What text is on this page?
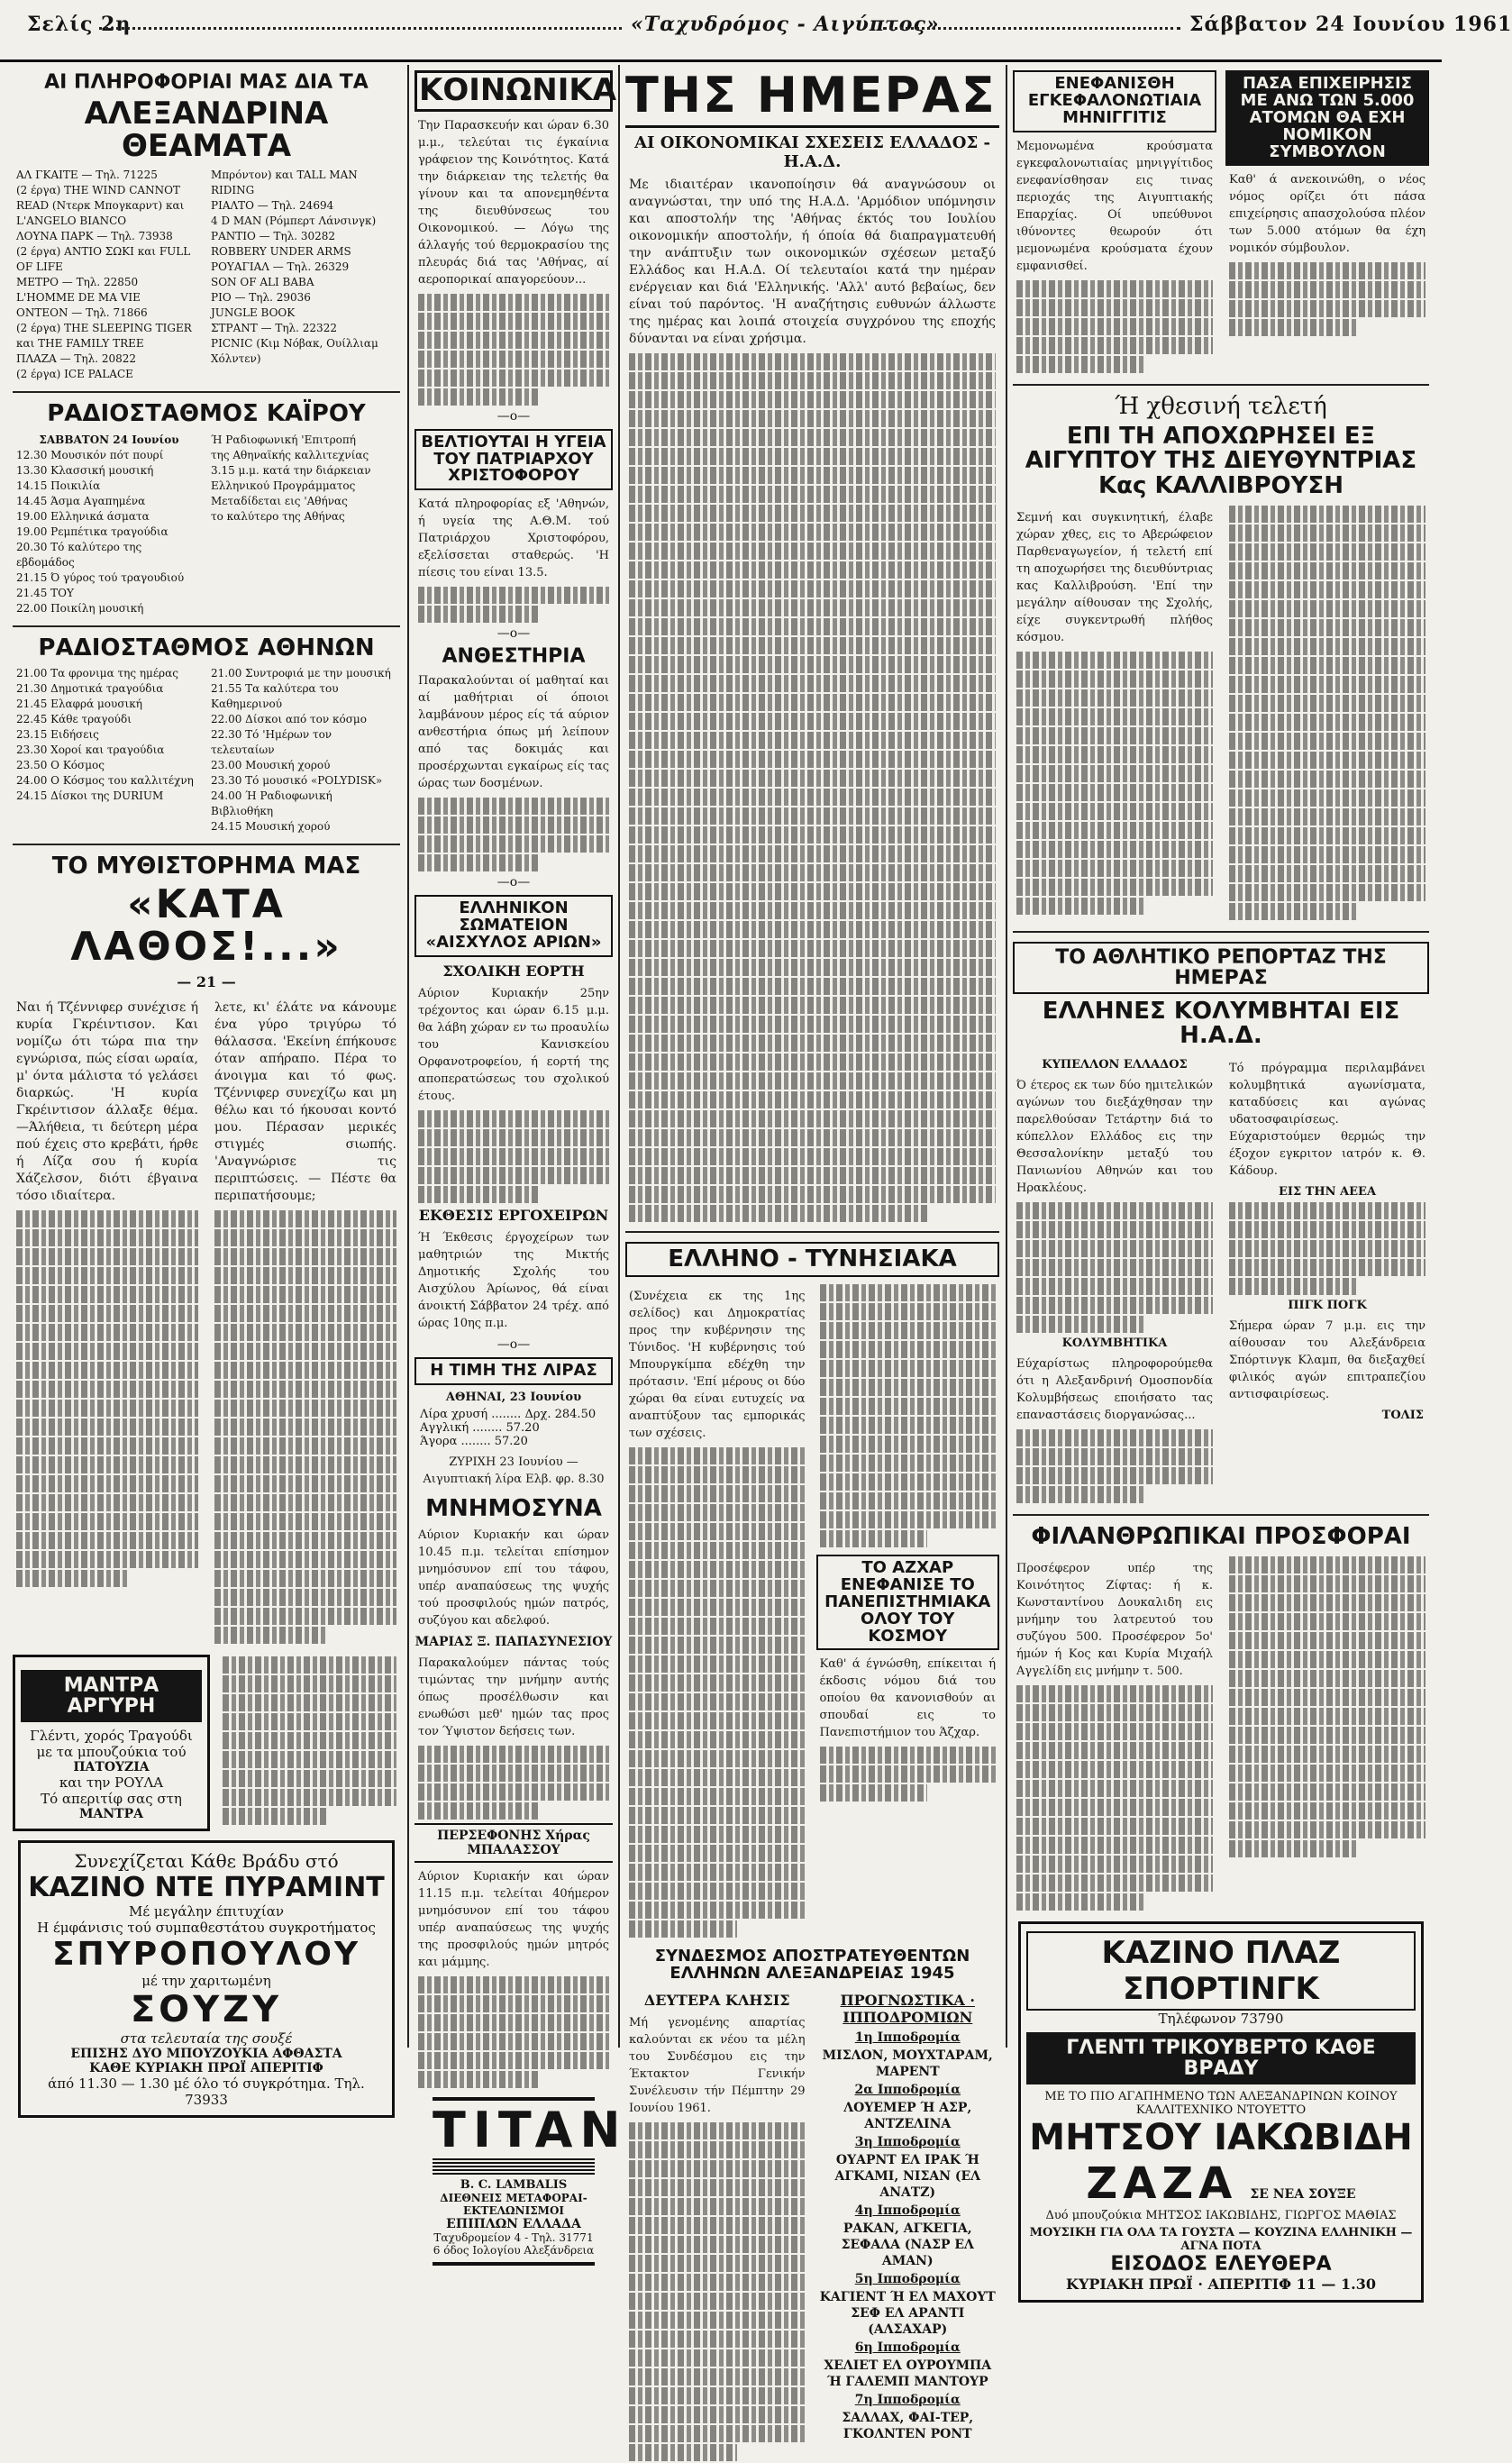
Σελίς 2η	«Ταχυδρόμος - Αιγύπτος»	Σάββατον 24 Ιουνίου 1961
ΑΙ ΠΛΗΡΟΦΟΡΙΑΙ ΜΑΣ ΔΙΑ ΤΑ
ΑΛΕΞΑΝΔΡΙΝΑ ΘΕΑΜΑΤΑ
ΑΛ ΓΚΑΙΤΕ — Τηλ. 71225
(2 έργα) THE WIND CANNOT READ (Ντερκ Μπογκαρντ) και L'ANGELO BIANCO
ΛΟΥΝΑ ΠΑΡΚ — Τηλ. 73938
(2 έργα) ANTIO ΣΩΚΙ και FULL OF LIFE
ΜΕΤΡΟ — Τηλ. 22850
L'HOMME DE MA VIE
ΟΝΤΕΟΝ — Τηλ. 71866
(2 έργα) THE SLEEPING TIGER και THE FAMILY TREE
ΠΛΑΖΑ — Τηλ. 20822
(2 έργα) ICE PALACE
Μπρόντον) και TALL MAN RIDING
ΡΙΑΛΤΟ — Τηλ. 24694
4 D MAN (Ρόμπερτ Λάνσινγκ)
ΡΑΝΤΙΟ — Τηλ. 30282
ROBBERY UNDER ARMS
ΡΟΥΑΓΙΑΛ — Τηλ. 26329
SON OF ALI BABA
ΡΙΟ — Τηλ. 29036
JUNGLE BOOK
ΣΤΡΑΝΤ — Τηλ. 22322
PICNIC (Κιμ Νόβακ, Ουίλλιαμ Χόλντεν)
ΡΑΔΙΟΣΤΑΘΜΟΣ ΚΑΪΡΟΥ
ΣΑΒΒΑΤΟΝ 24 Ιουνίου
12.30 Μουσικόν πότ πουρί
13.30 Κλασσική μουσική
14.15 Ποικιλία
14.45 Άσμα Αγαπημένα
19.00 Ελληνικά άσματα
19.00 Ρεμπέτικα τραγούδια
20.30 Τό καλύτερο της εβδομάδος
21.15 Ό γύρος τού τραγουδιού
21.45 ΤΟΥ
22.00 Ποικίλη μουσική
Ή Ραδιοφωνική 'Επιτροπή
της Αθηναϊκής καλλιτεχνίας
3.15 μ.μ. κατά την διάρκειαν
Ελληνικού Προγράμματος
Μεταδίδεται εις 'Αθήνας
το καλύτερο της Αθήνας
ΡΑΔΙΟΣΤΑΘΜΟΣ ΑΘΗΝΩΝ
21.00 Τα φρονιμα της ημέρας
21.30 Δημοτικά τραγούδια
21.45 Ελαφρά μουσική
22.45 Κάθε τραγούδι
23.15 Ειδήσεις
23.30 Χοροί και τραγούδια
23.50 Ο Κόσμος
24.00 Ο Κόσμος του καλλιτέχνη
24.15 Δίσκοι της DURIUM
21.00 Συντροφιά με την μουσική
21.55 Τα καλύτερα του Καθημερινού
22.00 Δίσκοι από τον κόσμο
22.30 Τό 'Ημέρων τον τελευταίων
23.00 Μουσική χορού
23.30 Τό μουσικό «POLYDISK»
24.00 Ή Ραδιοφωνική Βιβλιοθήκη
24.15 Μουσική χορού
ΤΟ ΜΥΘΙΣΤΟΡΗΜΑ ΜΑΣ
«ΚΑΤΑ ΛΑΘΟΣ!...»
— 21 —

Ναι ή Τζέννιφερ συνέχισε ή κυρία Γκρέιντισον. Και νομίζω ότι τώρα πια την εγνώρισα, πώς είσαι ωραία, μ' όντα μάλιστα τό γελάσει διαρκώς. 'Η κυρία Γκρέιντισον άλλαξε θέμα. —Άλήθεια, τι δεύτερη μέρα πού έχεις στο κρεβάτι, ήρθε ή Λίζα σου ή κυρία Χάζελσον, διότι έβγαινα τόσο ιδιαίτερα.

λετε, κι' έλάτε να κάνουμε ένα γύρο τριγύρω τό θάλασσα. 'Εκείνη έπήκουσε όταν απήραπο. Πέρα το άνοιγμα και τό φως. Τζέννιφερ συνεχίζω και μη θέλω και τό ήκουσαι κοντό μου. Πέρασαν μερικές στιγμές σιωπής. 'Αναγνώρισε τις περιπτώσεις. — Πέστε θα περιπατήσουμε;

ΜΑΝΤΡΑ ΑΡΓΥΡΗ
Γλέντι, χορός Τραγούδι
με τα μπουζούκια τού
ΠΑΤΟΥΖΙΑ
και την ΡΟΥΛΑ
Τό απεριτίφ σας στη
ΜΑΝΤΡΑ
Συνεχίζεται Κάθε Βράδυ στό
ΚΑΖΙΝΟ ΝΤΕ ΠΥΡΑΜΙΝΤ
Μέ μεγάλην έπιτυχίαν
Η έμφάνισις τού συμπαθεστάτου συγκροτήματος
ΣΠΥΡΟΠΟΥΛΟΥ
μέ την χαριτωμένη
ΣΟΥΖΥ
στα τελευταία της σουξέ
ΕΠΙΣΗΣ ΔΥΟ ΜΠΟΥΖΟΥΚΙΑ ΑΦΘΑΣΤΑ
ΚΑΘΕ ΚΥΡΙΑΚΗ ΠΡΩΪ ΑΠΕΡΙΤΙΦ
άπό 11.30 — 1.30 μέ όλο τό συγκρότημα. Τηλ. 73933
ΚΟΙΝΩΝΙΚΑ

Την Παρασκευήν και ώραν 6.30 μ.μ., τελεύται τις έγκαίνια γράφειον της Κοινότητος. Κατά την διάρκειαν της τελετής θα γίνουν και τα απονεμηθέντα της διευθύνσεως του Οικονομικού. — Λόγω της άλλαγής τού θερμοκρασίου της πλευράς διά τας 'Αθήνας, αί αεροπορικαί απαγορεύουν...

—o—
ΒΕΛΤΙΟΥΤΑΙ Η ΥΓΕΙΑ ΤΟΥ ΠΑΤΡΙΑΡΧΟΥ ΧΡΙΣΤΟΦΟΡΟΥ

Κατά πληροφορίας εξ 'Αθηνών, ή υγεία της Α.Θ.Μ. τού Πατριάρχου Χριστοφόρου, εξελίσσεται σταθερώς. 'Η πίεσις του είναι 13.5.

—o—
ΑΝΘΕΣΤΗΡΙΑ

Παρακαλούνται οί μαθηταί και αί μαθήτριαι οί όποιοι λαμβάνουν μέρος είς τά αύριον ανθεστήρια όπως μή λείπουν από τας δοκιμάς και προσέρχωνται εγκαίρως είς τας ώρας των δοσμένων.

—o—
ΕΛΛΗΝΙΚΟΝ ΣΩΜΑΤΕΙΟΝ «ΑΙΣΧΥΛΟΣ ΑΡΙΩΝ»
ΣΧΟΛΙΚΗ ΕΟΡΤΗ

Αύριον Κυριακήν 25ην τρέχοντος και ώραν 6.15 μ.μ. θα λάβη χώραν εν τω προαυλίω του Κανισκείου Ορφανοτροφείου, ή εορτή της αποπερατώσεως του σχολικού έτους.

ΕΚΘΕΣΙΣ ΕΡΓΟΧΕΙΡΩΝ

Ή Έκθεσις έργοχείρων των μαθητριών της Μικτής Δημοτικής Σχολής του Αισχύλου Άρίωνος, θά είναι άνοικτή Σάββατον 24 τρέχ. από ώρας 10ης π.μ.

—o—
Η ΤΙΜΗ ΤΗΣ ΛΙΡΑΣ
ΑΘΗΝΑΙ, 23 Ιουνίου
Λίρα χρυσή ........ Δρχ. 284.50
Αγγλική ........ 57.20
Άγορα ........ 57.20

ΖΥΡΙΧΗ 23 Ιουνίου — Αιγυπτιακή λίρα Ελβ. φρ. 8.30

ΜΝΗΜΟΣΥΝΑ

Αύριον Κυριακήν και ώραν 10.45 π.μ. τελείται επίσημον μνημόσυνον επί του τάφου, υπέρ αναπαύσεως της ψυχής τού προσφιλούς ημών πατρός, συζύγου και αδελφού.

ΜΑΡΙΑΣ Ξ. ΠΑΠΑΣΥΝΕΣΙΟΥ

Παρακαλούμεν πάντας τούς τιμώντας την μνήμην αυτής όπως προσέλθωσιν και ενωθώσι μεθ' ημών τας προς τον Ύψιστον δεήσεις των.

ΠΕΡΣΕΦΟΝΗΣ Χήρας ΜΠΑΛΑΣΣΟΥ

Αύριον Κυριακήν και ώραν 11.15 π.μ. τελείται 40ήμερον μνημόσυνον επί του τάφου υπέρ αναπαύσεως της ψυχής της προσφιλούς ημών μητρός και μάμμης.

TITAN
B. C. LAMBALIS
ΔΙΕΘΝΕΙΣ ΜΕΤΑΦΟΡΑΙ-ΕΚΤΕΛΩΝΙΣΜΟΙ
ΕΠΙΠΛΩΝ ΕΛΛΑΔΑ
Ταχυδρομείον 4 - Τηλ. 31771
6 όδος Ιολογίου Αλεξάνδρεια
ΤΗΣ ΗΜΕΡΑΣ
ΑΙ ΟΙΚΟΝΟΜΙΚΑΙ ΣΧΕΣΕΙΣ ΕΛΛΑΔΟΣ - Η.Α.Δ.

Με ιδιαιτέραν ικανοποίησιν θά αναγνώσουν οι αναγνώσται, την υπό της Η.Α.Δ. 'Αρμόδιον υπόμνησιν και αποστολήν της 'Αθήνας έκτός του Ιουλίου οικονομικήν αποστολήν, ή όποία θά διαπραγματευθή την ανάπτυξιν των οικονομικών σχέσεων μεταξύ Ελλάδος και Η.Α.Δ. Οί τελευταίοι κατά την ημέραν ενέργειαν και διά 'Ελληνικής. 'Αλλ' αυτό βεβαίως, δεν είναι τού παρόντος. 'Η αναζήτησις ευθυνών άλλωστε της ημέρας και λοιπά στοιχεία συγχρόνου της εποχής δύνανται να είναι χρήσιμα.

ΕΛΛΗΝΟ - ΤΥΝΗΣΙΑΚΑ

(Συνέχεια εκ της 1ης σελίδος) και Δημοκρατίας προς την κυβέρνησιν της Τύνιδος. 'Η κυβέρνησις τού Μπουργκίμπα εδέχθη την πρότασιν. 'Επί μέρους οι δύο χώραι θα είναι ευτυχείς να αναπτύξουν τας εμπορικάς των σχέσεις.

ΤΟ ΑΖΧΑΡ ΕΝΕΦΑΝΙΣΕ ΤΟ ΠΑΝΕΠΙΣΤΗΜΙΑΚΑ ΟΛΟΥ ΤΟΥ ΚΟΣΜΟΥ

Καθ' ά έγνώσθη, επίκειται ή έκδοσις νόμου διά του οποίου θα κανονισθούν αι σπουδαί εις το Πανεπιστήμιον του Άζχαρ.

ΣΥΝΔΕΣΜΟΣ ΑΠΟΣΤΡΑΤΕΥΘΕΝΤΩΝ ΕΛΛΗΝΩΝ ΑΛΕΞΑΝΔΡΕΙΑΣ 1945
ΔΕΥΤΕΡΑ ΚΛΗΣΙΣ

Μή γενομένης απαρτίας καλούνται εκ νέου τα μέλη του Συνδέσμου εις την Έκτακτον Γενικήν Συνέλευσιν τήν Πέμπτην 29 Ιουνίου 1961.

ΠΡΟΓΝΩΣΤΙΚΑ · ΙΠΠΟΔΡΟΜΙΩΝ
1η Ιπποδρομία
ΜΙΣΛΟΝ, ΜΟΥΧΤΑΡΑΜ, ΜΑΡΕΝΤ
2α Ιπποδρομία
ΛΟΥΕΜΕΡ Ή ΑΣΡ, ΑΝΤΖΕΛΙΝΑ
3η Ιπποδρομία
ΟΥΑΡΝΤ ΕΛ ΙΡΑΚ Ή ΑΓΚΑΜΙ, ΝΙΣΑΝ (ΕΛ ΑΝΑΤΖ)
4η Ιπποδρομία
ΡΑΚΑΝ, ΑΓΚΕΓΙΑ, ΣΕΦΑΛΑ (ΝΑΣΡ ΕΛ ΑΜΑΝ)
5η Ιπποδρομία
ΚΑΓΙΕΝΤ Ή ΕΛ ΜΑΧΟΥΤ ΣΕΦ ΕΛ ΑΡΑΝΤΙ (ΑΛΣΑΧΑΡ)
6η Ιπποδρομία
ΧΕΛΙΕΤ ΕΛ ΟΥΡΟΥΜΠΑ Ή ΓΑΛΕΜΠ ΜΑΝΤΟΥΡ
7η Ιπποδρομία
ΣΑΛΛΑΧ, ΦΑΙ-ΤΕΡ, ΓΚΟΛΝΤΕΝ ΡΟΝΤ
ΕΝΕΦΑΝΙΣΘΗ ΕΓΚΕΦΑΛΟΝΩΤΙΑΙΑ ΜΗΝΙΓΓΙΤΙΣ

Μεμονωμένα κρούσματα εγκεφαλονωτιαίας μηνιγγίτιδος ενεφανίσθησαν εις τινας περιοχάς της Αιγυπτιακής Επαρχίας. Οί υπεύθυνοι ιθύνοντες θεωρούν ότι μεμονωμένα κρούσματα έχουν εμφανισθεί.

ΠΑΣΑ ΕΠΙΧΕΙΡΗΣΙΣ ΜΕ ΑΝΩ ΤΩΝ 5.000 ΑΤΟΜΩΝ ΘΑ ΕΧΗ ΝΟΜΙΚΟΝ ΣΥΜΒΟΥΛΟΝ

Καθ' ά ανεκοινώθη, ο νέος νόμος ορίζει ότι πάσα επιχείρησις απασχολούσα πλέον των 5.000 ατόμων θα έχη νομικόν σύμβουλον.

Ή χθεσινή τελετή
ΕΠΙ ΤΗ ΑΠΟΧΩΡΗΣΕΙ ΕΞ ΑΙΓΥΠΤΟΥ ΤΗΣ ΔΙΕΥΘΥΝΤΡΙΑΣ Κας ΚΑΛΛΙΒΡΟΥΣΗ

Σεμνή και συγκινητική, έλαβε χώραν χθες, εις το Αβερώφειον Παρθεναγωγείον, ή τελετή επί τη αποχωρήσει της διευθύντριας κας Καλλιβρούση. 'Επί την μεγάλην αίθουσαν της Σχολής, είχε συγκεντρωθή πλήθος κόσμου.

ΤΟ ΑΘΛΗΤΙΚΟ ΡΕΠΟΡΤΑΖ ΤΗΣ ΗΜΕΡΑΣ
ΕΛΛΗΝΕΣ ΚΟΛΥΜΒΗΤΑΙ ΕΙΣ Η.Α.Δ.
ΚΥΠΕΛΛΟΝ ΕΛΛΑΔΟΣ

Ό έτερος εκ των δύο ημιτελικών αγώνων του διεξάχθησαν την παρελθούσαν Τετάρτην διά το κύπελλον Ελλάδος εις την Θεσσαλονίκην μεταξύ του Πανιωνίου Αθηνών και του Ηρακλέους.

ΚΟΛΥΜΒΗΤΙΚΑ

Εύχαρίστως πληροφορούμεθα ότι η Αλεξανδρινή Ομοσπονδία Κολυμβήσεως εποιήσατο τας επαναστάσεις διοργανώσας...

Τό πρόγραμμα περιλαμβάνει κολυμβητικά αγωνίσματα, καταδύσεις και αγώνας υδατοσφαιρίσεως. Εύχαριστούμεν θερμώς την έξοχον εγκριτον ιατρόν κ. Θ. Κάδουρ.

ΕΙΣ ΤΗΝ ΑΕΕΑ
ΠΙΓΚ ΠΟΓΚ

Σήμερα ώραν 7 μ.μ. εις την αίθουσαν του Αλεξάνδρεια Σπόρτινγκ Κλαμπ, θα διεξαχθεί φιλικός αγών επιτραπεζίου αντισφαιρίσεως.

ΤΟΛΙΣ
ΦΙΛΑΝΘΡΩΠΙΚΑΙ ΠΡΟΣΦΟΡΑΙ

Προσέφερον υπέρ της Κοινότητος Ζίφτας: ή κ. Κωνσταντίνου Δουκαλιδη εις μνήμην του λατρευτού του συζύγου 500. Προσέφερον 5ο' ήμών ή Κος και Κυρία Μιχαήλ Αγγελίδη εις μνήμην τ. 500.

ΚΑΖΙΝΟ ΠΛΑΖ ΣΠΟΡΤΙΝΓΚ
Τηλέφωνον 73790
ΓΛΕΝΤΙ ΤΡΙΚΟΥΒΕΡΤΟ ΚΑΘΕ ΒΡΑΔΥ
ΜΕ ΤΟ ΠΙΟ ΑΓΑΠΗΜΕΝΟ ΤΩΝ ΑΛΕΞΑΝΔΡΙΝΩΝ ΚΟΙΝΟΥ ΚΑΛΛΙΤΕΧΝΙΚΟ ΝΤΟΥΕΤΤΟ
ΜΗΤΣΟΥ ΙΑΚΩΒΙΔΗ
ΖΑΖΑ ΣΕ ΝΕΑ ΣΟΥΞΕ
Δυό μπουζούκια ΜΗΤΣΟΣ ΙΑΚΩΒΙΔΗΣ, ΓΙΩΡΓΟΣ ΜΑΘΙΑΣ
ΜΟΥΣΙΚΗ ΓΙΑ ΟΛΑ ΤΑ ΓΟΥΣΤΑ — ΚΟΥΖΙΝΑ ΕΛΛΗΝΙΚΗ — ΑΓΝΑ ΠΟΤΑ
ΕΙΣΟΔΟΣ ΕΛΕΥΘΕΡΑ
ΚΥΡΙΑΚΗ ΠΡΩΪ · ΑΠΕΡΙΤΙΦ 11 — 1.30
